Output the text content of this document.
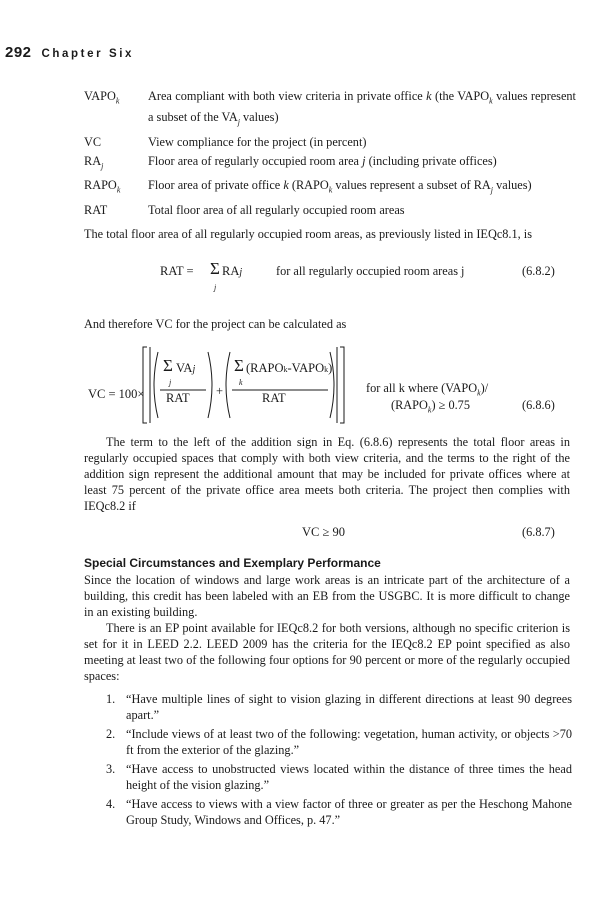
292 Chapter Six
$VAPO_k$	Area compliant with both view criteria in private office k (the $VAPO_k$ values represent a subset of the $VA_j$ values)
VC	View compliance for the project (in percent)
$RA_j$	Floor area of regularly occupied room area j (including private offices)
$RAPO_k$	Floor area of private office k ($RAPO_k$ values represent a subset of $RA_j$ values)
RAT	Total floor area of all regularly occupied room areas
The total floor area of all regularly occupied room areas, as previously listed in IEQc8.1, is
RAT = Σ RAj
j
for all regularly occupied room areas j	(6.8.2)
And therefore VC for the project can be calculated as
VC = 100×
Σ VAj
j
RAT +
Σ (RAPOk-VAPOk)
k
RAT
for all k where $(VAPO_k)/$
$(RAPO_k) \ge 0.75$	(6.8.6)
The term to the left of the addition sign in Eq. (6.8.6) represents the total floor areas in regularly occupied spaces that comply with both view criteria, and the terms to the right of the addition sign represent the additional amount that may be included for private offices where at least 75 percent of the private office area meets both criteria. The project then complies with IEQc8.2 if
VC ≥ 90	(6.8.7)
Special Circumstances and Exemplary Performance
Since the location of windows and large work areas is an intricate part of the architecture of a building, this credit has been labeled with an EB from the USGBC. It is more difficult to change in an existing building.
There is an EP point available for IEQc8.2 for both versions, although no specific criterion is set for it in LEED 2.2. LEED 2009 has the criteria for the IEQc8.2 EP point specified as also meeting at least two of the following four options for 90 percent or more of the regularly occupied spaces:
1. “Have multiple lines of sight to vision glazing in different directions at least 90 degrees apart.”
2. “Include views of at least two of the following: vegetation, human activity, or objects >70 ft from the exterior of the glazing.”
3. “Have access to unobstructed views located within the distance of three times the head height of the vision glazing.”
4. “Have access to views with a view factor of three or greater as per the Heschong Mahone Group Study, Windows and Offices, p. 47.”
